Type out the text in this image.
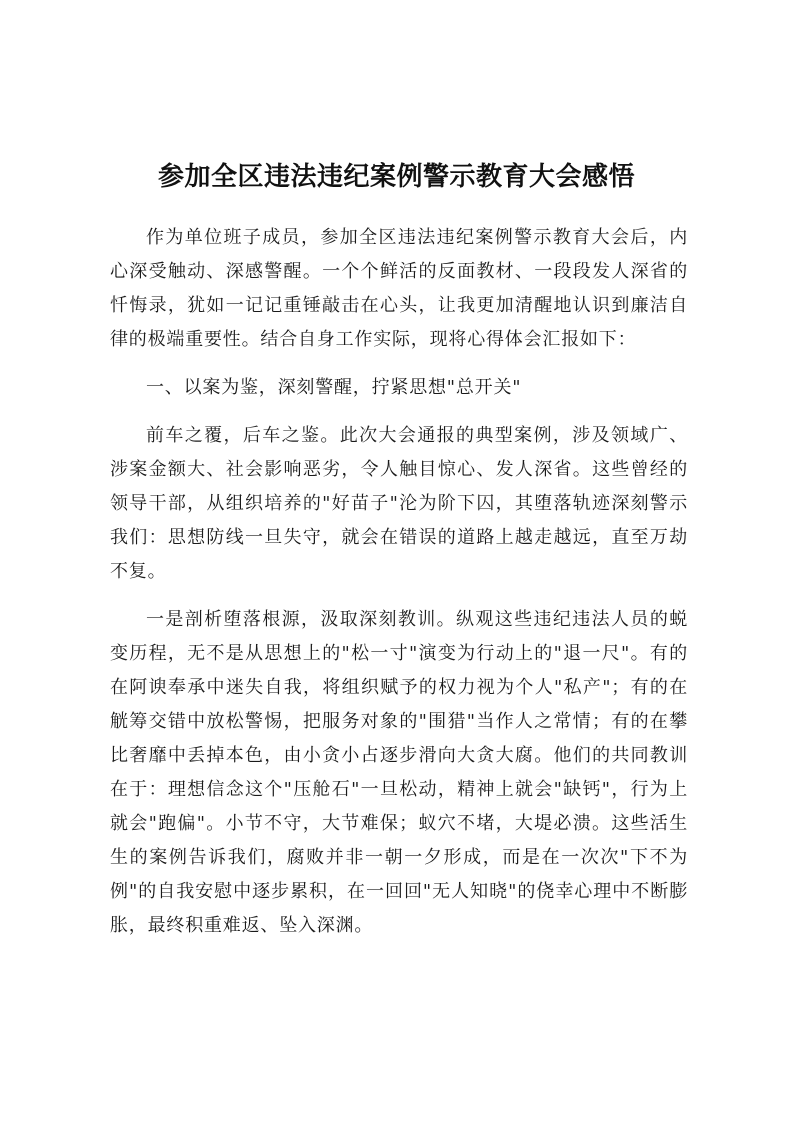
参加全区违法违纪案例警示教育大会感悟

作为单位班子成员，参加全区违法违纪案例警示教育大会后，内心深受触动、深感警醒。一个个鲜活的反面教材、一段段发人深省的忏悔录，犹如一记记重锤敲击在心头，让我更加清醒地认识到廉洁自律的极端重要性。结合自身工作实际，现将心得体会汇报如下：

一、以案为鉴，深刻警醒，拧紧思想"总开关"

前车之覆，后车之鉴。此次大会通报的典型案例，涉及领域广、涉案金额大、社会影响恶劣，令人触目惊心、发人深省。这些曾经的领导干部，从组织培养的"好苗子"沦为阶下囚，其堕落轨迹深刻警示我们：思想防线一旦失守，就会在错误的道路上越走越远，直至万劫不复。

一是剖析堕落根源，汲取深刻教训。纵观这些违纪违法人员的蜕变历程，无不是从思想上的"松一寸"演变为行动上的"退一尺"。有的在阿谀奉承中迷失自我，将组织赋予的权力视为个人"私产"；有的在觥筹交错中放松警惕，把服务对象的"围猎"当作人之常情；有的在攀比奢靡中丢掉本色，由小贪小占逐步滑向大贪大腐。他们的共同教训在于：理想信念这个"压舱石"一旦松动，精神上就会"缺钙"，行为上就会"跑偏"。小节不守，大节难保；蚁穴不堵，大堤必溃。这些活生生的案例告诉我们，腐败并非一朝一夕形成，而是在一次次"下不为例"的自我安慰中逐步累积，在一回回"无人知晓"的侥幸心理中不断膨胀，最终积重难返、坠入深渊。
